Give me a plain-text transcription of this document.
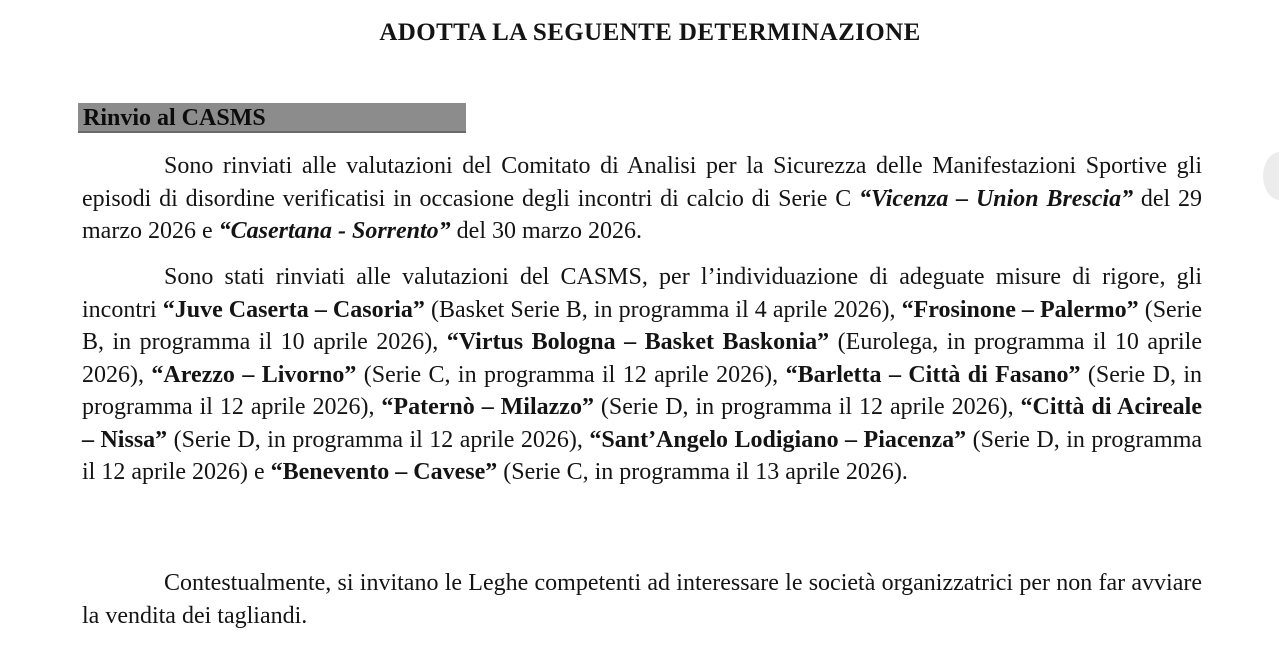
ADOTTA LA SEGUENTE DETERMINAZIONE
Rinvio al CASMS

Sono rinviati alle valutazioni del Comitato di Analisi per la Sicurezza delle Manifestazioni Sportive gli episodi di disordine verificatisi in occasione degli incontri di calcio di Serie C “Vicenza – Union Brescia” del 29 marzo 2026 e “Casertana - Sorrento” del 30 marzo 2026.

Sono stati rinviati alle valutazioni del CASMS, per l’individuazione di adeguate misure di rigore, gli incontri “Juve Caserta – Casoria” (Basket Serie B, in programma il 4 aprile 2026), “Frosinone – Palermo” (Serie B, in programma il 10 aprile 2026), “Virtus Bologna – Basket Baskonia” (Eurolega, in programma il 10 aprile 2026), “Arezzo – Livorno” (Serie C, in programma il 12 aprile 2026), “Barletta – Città di Fasano” (Serie D, in programma il 12 aprile 2026), “Paternò – Milazzo” (Serie D, in programma il 12 aprile 2026), “Città di Acireale – Nissa” (Serie D, in programma il 12 aprile 2026), “Sant’Angelo Lodigiano – Piacenza” (Serie D, in programma il 12 aprile 2026) e “Benevento – Cavese” (Serie C, in programma il 13 aprile 2026).

Contestualmente, si invitano le Leghe competenti ad interessare le società organizzatrici per non far avviare la vendita dei tagliandi.
